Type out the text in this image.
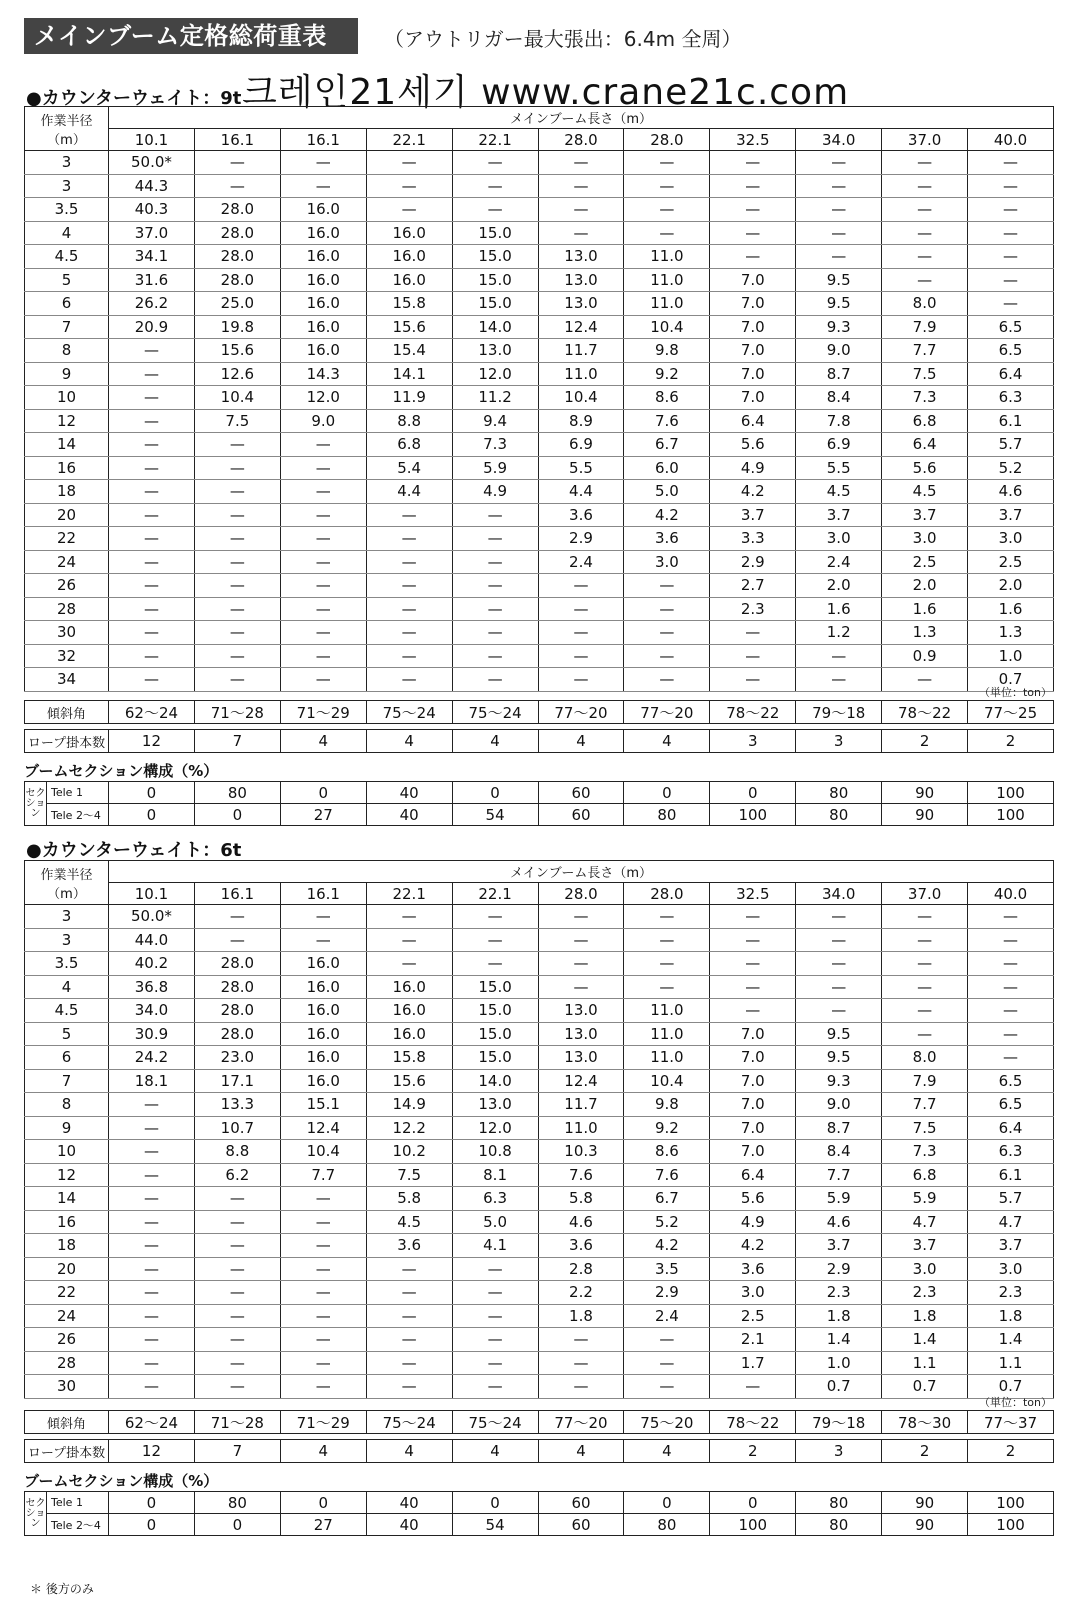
メインブーム定格総荷重表	（アウトリガー最大張出：6.4m 全周）
크레인21세기 www.crane21c.com
●カウンターウェイト：9t
作業半径
（m）	メインブーム長さ（m）										
	10.1	16.1	16.1	22.1	22.1	28.0	28.0	32.5	34.0	37.0	40.0
3	50.0*	—	—	—	—	—	—	—	—	—	—
3	44.3	—	—	—	—	—	—	—	—	—	—
3.5	40.3	28.0	16.0	—	—	—	—	—	—	—	—
4	37.0	28.0	16.0	16.0	15.0	—	—	—	—	—	—
4.5	34.1	28.0	16.0	16.0	15.0	13.0	11.0	—	—	—	—
5	31.6	28.0	16.0	16.0	15.0	13.0	11.0	7.0	9.5	—	—
6	26.2	25.0	16.0	15.8	15.0	13.0	11.0	7.0	9.5	8.0	—
7	20.9	19.8	16.0	15.6	14.0	12.4	10.4	7.0	9.3	7.9	6.5
8	—	15.6	16.0	15.4	13.0	11.7	9.8	7.0	9.0	7.7	6.5
9	—	12.6	14.3	14.1	12.0	11.0	9.2	7.0	8.7	7.5	6.4
10	—	10.4	12.0	11.9	11.2	10.4	8.6	7.0	8.4	7.3	6.3
12	—	7.5	9.0	8.8	9.4	8.9	7.6	6.4	7.8	6.8	6.1
14	—	—	—	6.8	7.3	6.9	6.7	5.6	6.9	6.4	5.7
16	—	—	—	5.4	5.9	5.5	6.0	4.9	5.5	5.6	5.2
18	—	—	—	4.4	4.9	4.4	5.0	4.2	4.5	4.5	4.6
20	—	—	—	—	—	3.6	4.2	3.7	3.7	3.7	3.7
22	—	—	—	—	—	2.9	3.6	3.3	3.0	3.0	3.0
24	—	—	—	—	—	2.4	3.0	2.9	2.4	2.5	2.5
26	—	—	—	—	—	—	—	2.7	2.0	2.0	2.0
28	—	—	—	—	—	—	—	2.3	1.6	1.6	1.6
30	—	—	—	—	—	—	—	—	1.2	1.3	1.3
32	—	—	—	—	—	—	—	—	—	0.9	1.0
34	—	—	—	—	—	—	—	—	—	—	0.7
（単位：ton）
傾斜角	62～24	71～28	71～29	75～24	75～24	77～20	77～20	78～22	79～18	78～22	77～25
ロープ掛本数	12	7	4	4	4	4	4	3	3	2	2
ブームセクション構成（%）
セクション	Tele 1	0	80	0	40	0	60	0	0	80	90	100
	Tele 2～4	0	0	27	40	54	60	80	100	80	90	100
●カウンターウェイト：6t
作業半径
（m）	メインブーム長さ（m）										
	10.1	16.1	16.1	22.1	22.1	28.0	28.0	32.5	34.0	37.0	40.0
3	50.0*	—	—	—	—	—	—	—	—	—	—
3	44.0	—	—	—	—	—	—	—	—	—	—
3.5	40.2	28.0	16.0	—	—	—	—	—	—	—	—
4	36.8	28.0	16.0	16.0	15.0	—	—	—	—	—	—
4.5	34.0	28.0	16.0	16.0	15.0	13.0	11.0	—	—	—	—
5	30.9	28.0	16.0	16.0	15.0	13.0	11.0	7.0	9.5	—	—
6	24.2	23.0	16.0	15.8	15.0	13.0	11.0	7.0	9.5	8.0	—
7	18.1	17.1	16.0	15.6	14.0	12.4	10.4	7.0	9.3	7.9	6.5
8	—	13.3	15.1	14.9	13.0	11.7	9.8	7.0	9.0	7.7	6.5
9	—	10.7	12.4	12.2	12.0	11.0	9.2	7.0	8.7	7.5	6.4
10	—	8.8	10.4	10.2	10.8	10.3	8.6	7.0	8.4	7.3	6.3
12	—	6.2	7.7	7.5	8.1	7.6	7.6	6.4	7.7	6.8	6.1
14	—	—	—	5.8	6.3	5.8	6.7	5.6	5.9	5.9	5.7
16	—	—	—	4.5	5.0	4.6	5.2	4.9	4.6	4.7	4.7
18	—	—	—	3.6	4.1	3.6	4.2	4.2	3.7	3.7	3.7
20	—	—	—	—	—	2.8	3.5	3.6	2.9	3.0	3.0
22	—	—	—	—	—	2.2	2.9	3.0	2.3	2.3	2.3
24	—	—	—	—	—	1.8	2.4	2.5	1.8	1.8	1.8
26	—	—	—	—	—	—	—	2.1	1.4	1.4	1.4
28	—	—	—	—	—	—	—	1.7	1.0	1.1	1.1
30	—	—	—	—	—	—	—	—	0.7	0.7	0.7
（単位：ton）
傾斜角	62～24	71～28	71～29	75～24	75～24	77～20	75～20	78～22	79～18	78～30	77～37
ロープ掛本数	12	7	4	4	4	4	4	2	3	2	2
ブームセクション構成（%）
セクション	Tele 1	0	80	0	40	0	60	0	0	80	90	100
	Tele 2～4	0	0	27	40	54	60	80	100	80	90	100
＊ 後方のみ
